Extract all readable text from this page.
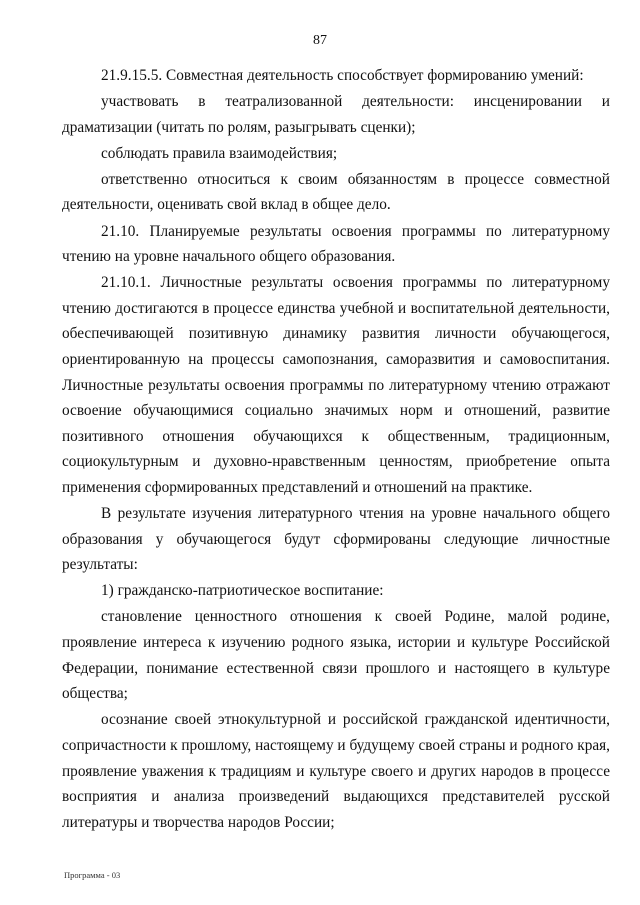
87

21.9.15.5. Совместная деятельность способствует формированию умений:

участвовать в театрализованной деятельности: инсценировании и драматизации (читать по ролям, разыгрывать сценки);

соблюдать правила взаимодействия;

ответственно относиться к своим обязанностям в процессе совместной деятельности, оценивать свой вклад в общее дело.

21.10. Планируемые результаты освоения программы по литературному чтению на уровне начального общего образования.

21.10.1. Личностные результаты освоения программы по литературному чтению достигаются в процессе единства учебной и воспитательной деятельности, обеспечивающей позитивную динамику развития личности обучающегося, ориентированную на процессы самопознания, саморазвития и самовоспитания. Личностные результаты освоения программы по литературному чтению отражают освоение обучающимися социально значимых норм и отношений, развитие позитивного отношения обучающихся к общественным, традиционным, социокультурным и духовно-нравственным ценностям, приобретение опыта применения сформированных представлений и отношений на практике.

В результате изучения литературного чтения на уровне начального общего образования у обучающегося будут сформированы следующие личностные результаты:

1) гражданско-патриотическое воспитание:

становление ценностного отношения к своей Родине, малой родине, проявление интереса к изучению родного языка, истории и культуре Российской Федерации, понимание естественной связи прошлого и настоящего в культуре общества;

осознание своей этнокультурной и российской гражданской идентичности, сопричастности к прошлому, настоящему и будущему своей страны и родного края, проявление уважения к традициям и культуре своего и других народов в процессе восприятия и анализа произведений выдающихся представителей русской литературы и творчества народов России;

Программа - 03
